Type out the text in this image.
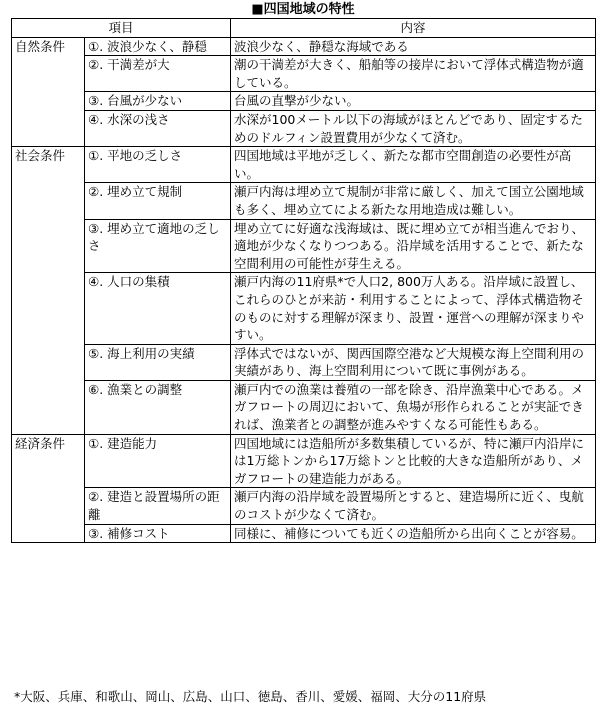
■四国地域の特性
項目		内容
自然条件	①. 波浪少なく、静穏	波浪少なく、静穏な海域である
	②. 干満差が大	潮の干満差が大きく、船舶等の接岸において浮体式構造物が適している。
	③. 台風が少ない	台風の直撃が少ない。
	④. 水深の浅さ	水深が100メートル以下の海域がほとんどであり、固定するためのドルフィン設置費用が少なくて済む。
社会条件	①. 平地の乏しさ	四国地域は平地が乏しく、新たな都市空間創造の必要性が高い。
	②. 埋め立て規制	瀬戸内海は埋め立て規制が非常に厳しく、加えて国立公園地域も多く、埋め立てによる新たな用地造成は難しい。
	③. 埋め立て適地の乏しさ	埋め立てに好適な浅海域は、既に埋め立てが相当進んでおり、適地が少なくなりつつある。沿岸域を活用することで、新たな空間利用の可能性が芽生える。
	④. 人口の集積	瀬戸内海の11府県*で人口2, 800万人ある。沿岸域に設置し、これらのひとが来訪・利用することによって、浮体式構造物そのものに対する理解が深まり、設置・運営への理解が深まりやすい。
	⑤. 海上利用の実績	浮体式ではないが、関西国際空港など大規模な海上空間利用の実績があり、海上空間利用について既に事例がある。
	⑥. 漁業との調整	瀬戸内での漁業は養殖の一部を除き、沿岸漁業中心である。メガフロートの周辺において、魚場が形作られることが実証できれば、漁業者との調整が進みやすくなる可能性もある。
経済条件	①. 建造能力	四国地域には造船所が多数集積しているが、特に瀬戸内沿岸には1万総トンから17万総トンと比較的大きな造船所があり、メガフロートの建造能力がある。
	②. 建造と設置場所の距離	瀬戸内海の沿岸域を設置場所とすると、建造場所に近く、曳航のコストが少なくて済む。
	③. 補修コスト	同様に、補修についても近くの造船所から出向くことが容易。
*大阪、兵庫、和歌山、岡山、広島、山口、徳島、香川、愛媛、福岡、大分の11府県
